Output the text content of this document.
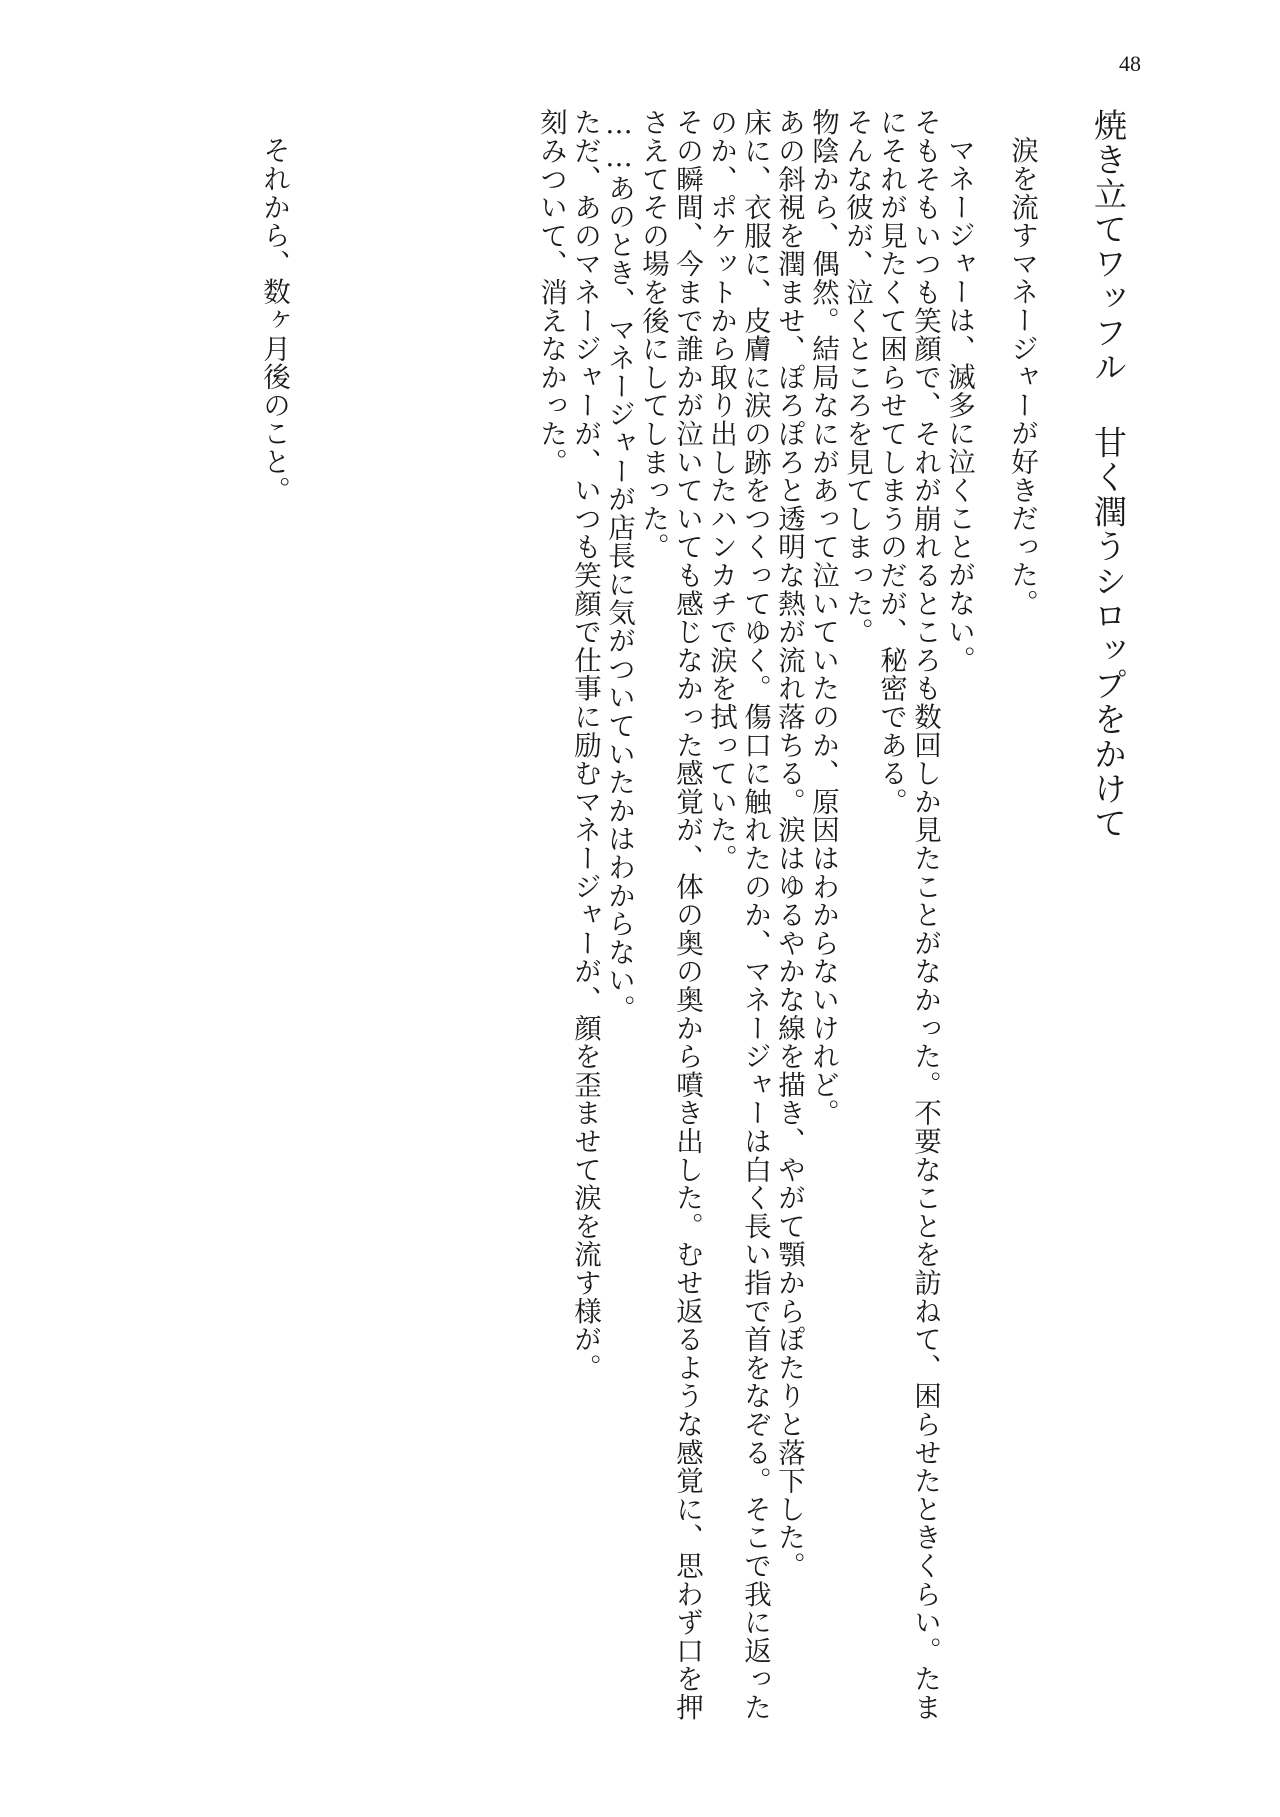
48
焼き立てワッフル 甘く潤うシロップをかけて
涙を流すマネージャーが好きだった。
マネージャーは、滅多に泣くことがない。
そもそもいつも笑顔で、それが崩れるところも数回しか見たことがなかった。不要なことを訪ねて、困らせたときくらい。たま
にそれが見たくて困らせてしまうのだが、秘密である。
そんな彼が、泣くところを見てしまった。
物陰から、偶然。結局なにがあって泣いていたのか、原因はわからないけれど。
あの斜視を潤ませ、ぽろぽろと透明な熱が流れ落ちる。涙はゆるやかな線を描き、やがて顎からぽたりと落下した。
床に、衣服に、皮膚に涙の跡をつくってゆく。傷口に触れたのか、マネージャーは白く長い指で首をなぞる。そこで我に返った
のか、ポケットから取り出したハンカチで涙を拭っていた。
その瞬間、今まで誰かが泣いていても感じなかった感覚が、体の奥の奥から噴き出した。むせ返るような感覚に、思わず口を押
さえてその場を後にしてしまった。
……あのとき、マネージャーが店長に気がついていたかはわからない。
ただ、あのマネージャーが、いつも笑顔で仕事に励むマネージャーが、顔を歪ませて涙を流す様が。
刻みついて、消えなかった。
それから、数ヶ月後のこと。
